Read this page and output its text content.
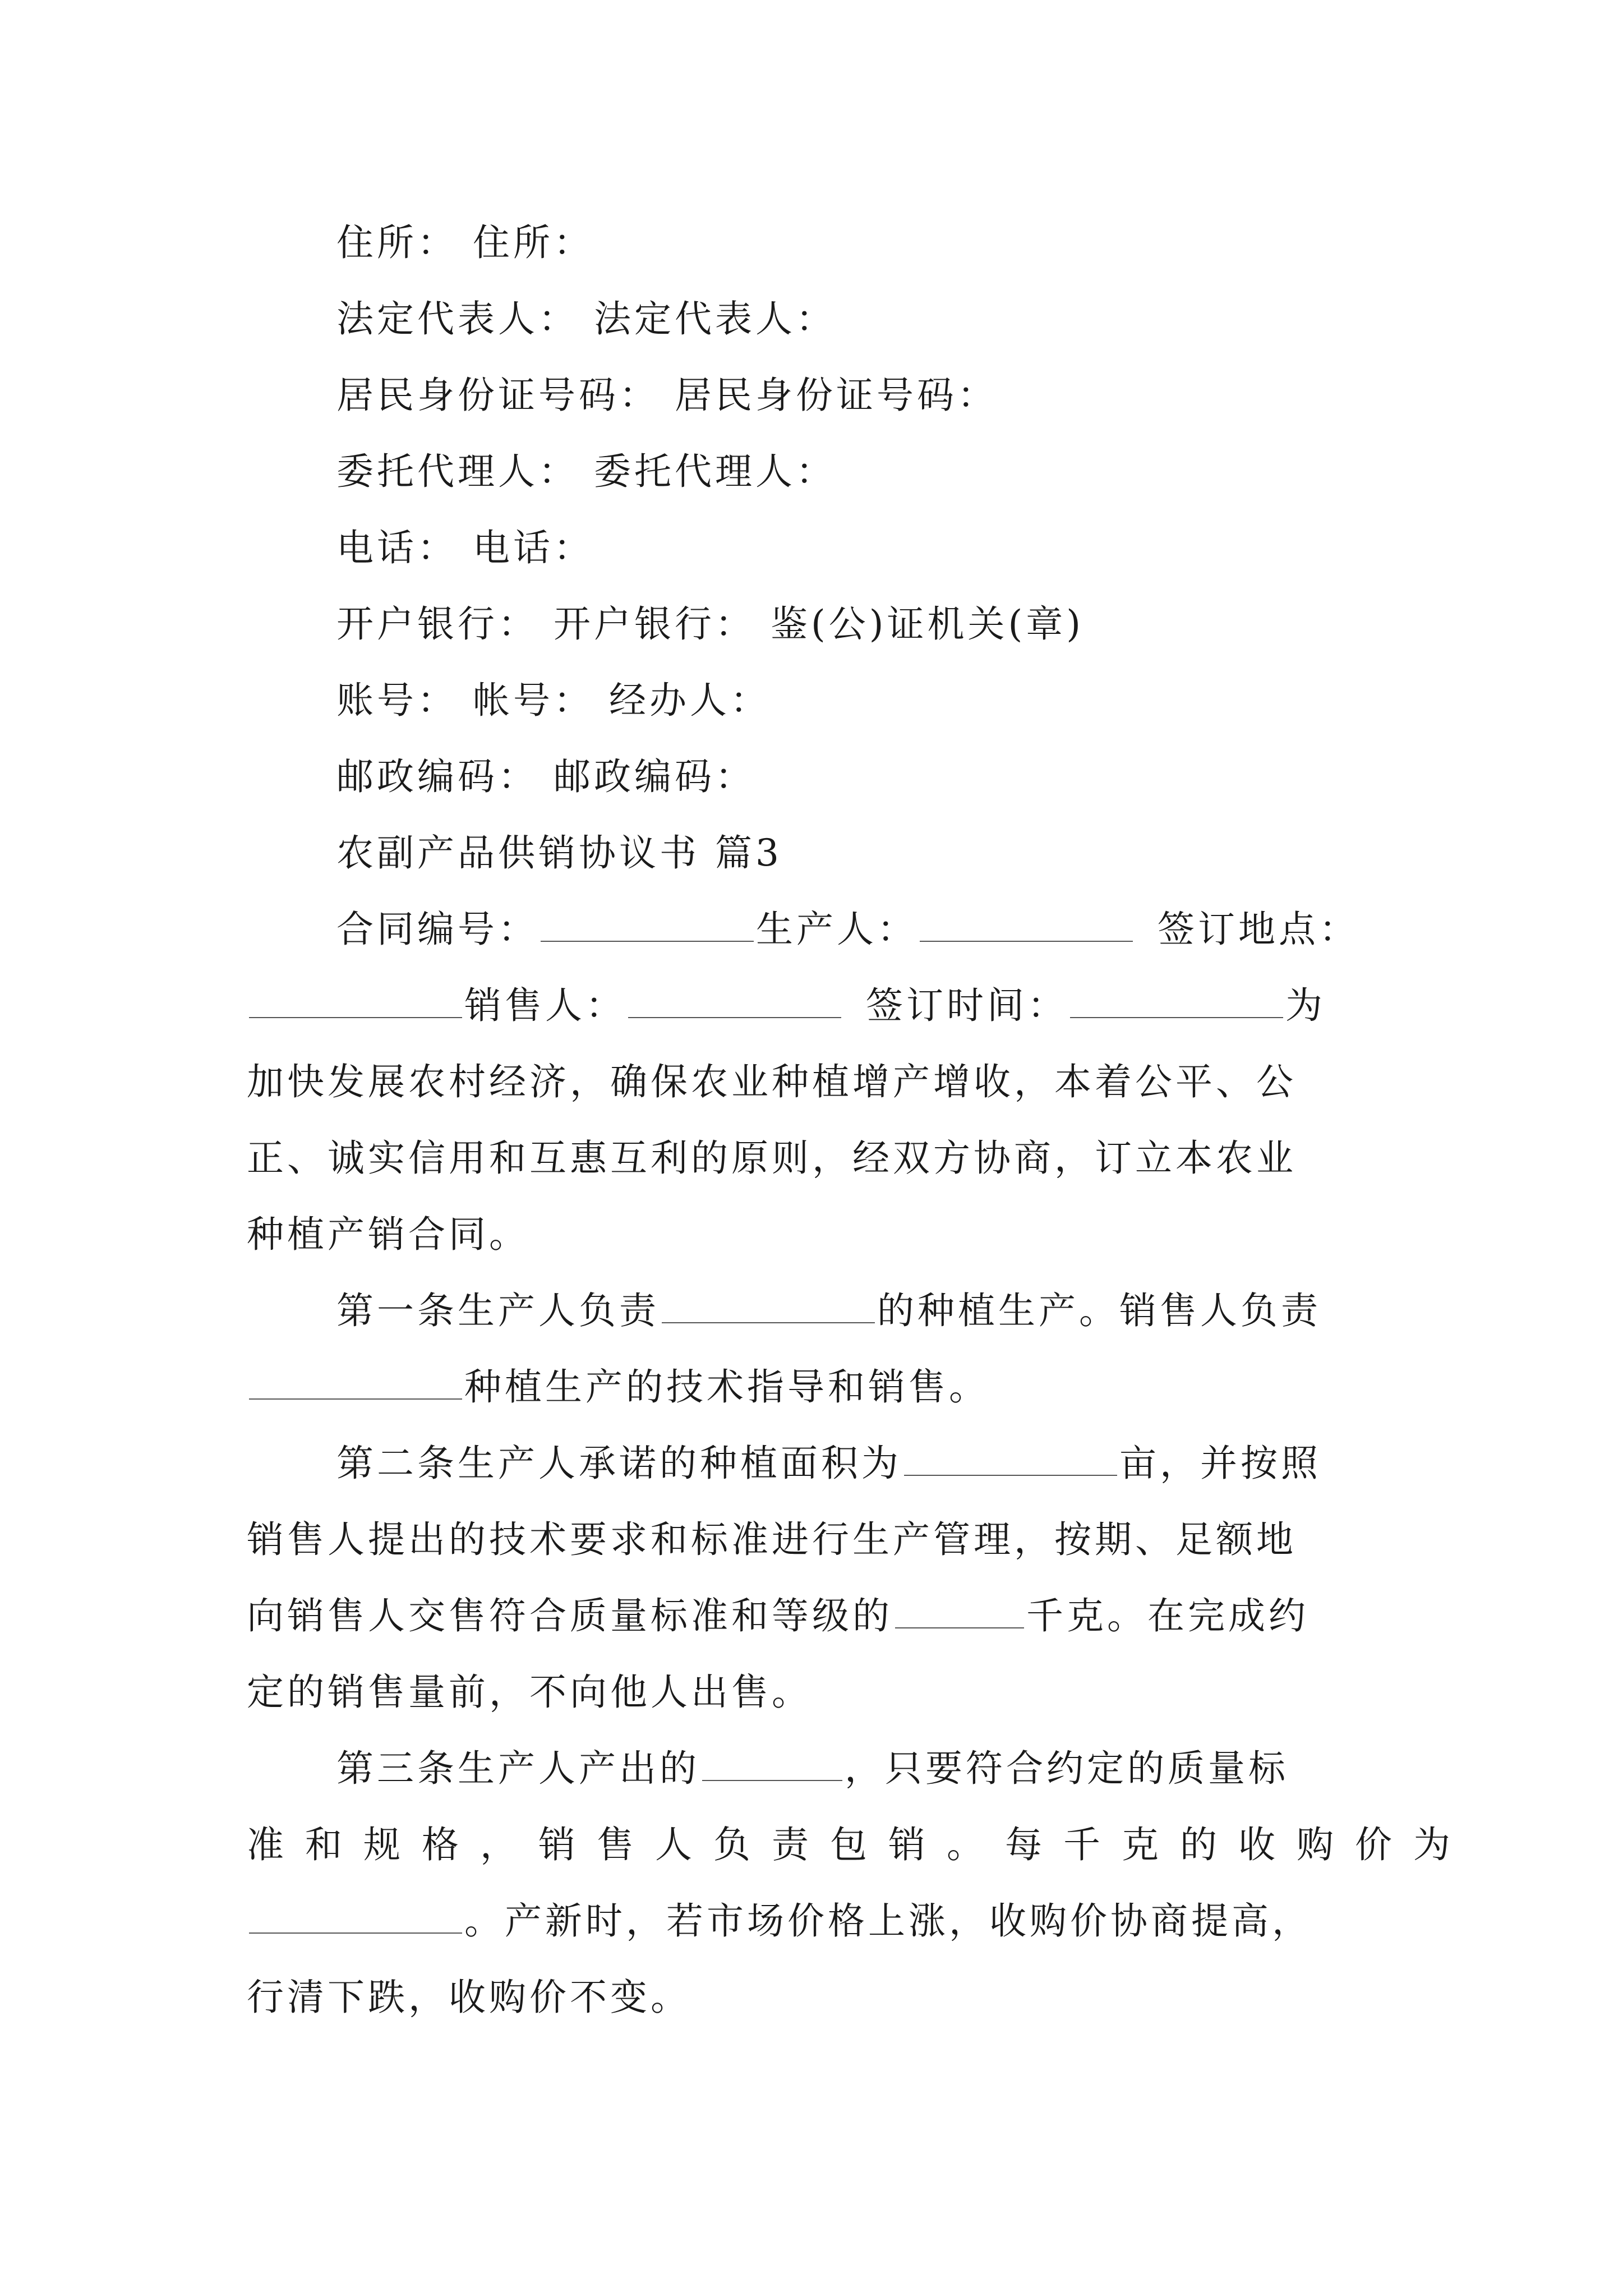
住所： 住所：
法定代表人： 法定代表人：
居民身份证号码： 居民身份证号码：
委托代理人： 委托代理人：
电话： 电话：
开户银行： 开户银行： 鉴(公)证机关(章)
账号： 帐号： 经办人：
邮政编码： 邮政编码：
农副产品供销协议书 篇3
合同编号：	生产人：	签订地点：
销售人：	签订时间：	为
加快发展农村经济，确保农业种植增产增收，本着公平、公
正、诚实信用和互惠互利的原则，经双方协商，订立本农业
种植产销合同。
第一条生产人负责	的种植生产。销售人负责
种植生产的技术指导和销售。
第二条生产人承诺的种植面积为	亩，并按照
销售人提出的技术要求和标准进行生产管理，按期、足额地
向销售人交售符合质量标准和等级的	千克。在完成约
定的销售量前，不向他人出售。
第三条生产人产出的	，只要符合约定的质量标
准和规格，销售人负责包销。每千克的收购价为
。产新时，若市场价格上涨，收购价协商提高，
行清下跌，收购价不变。
